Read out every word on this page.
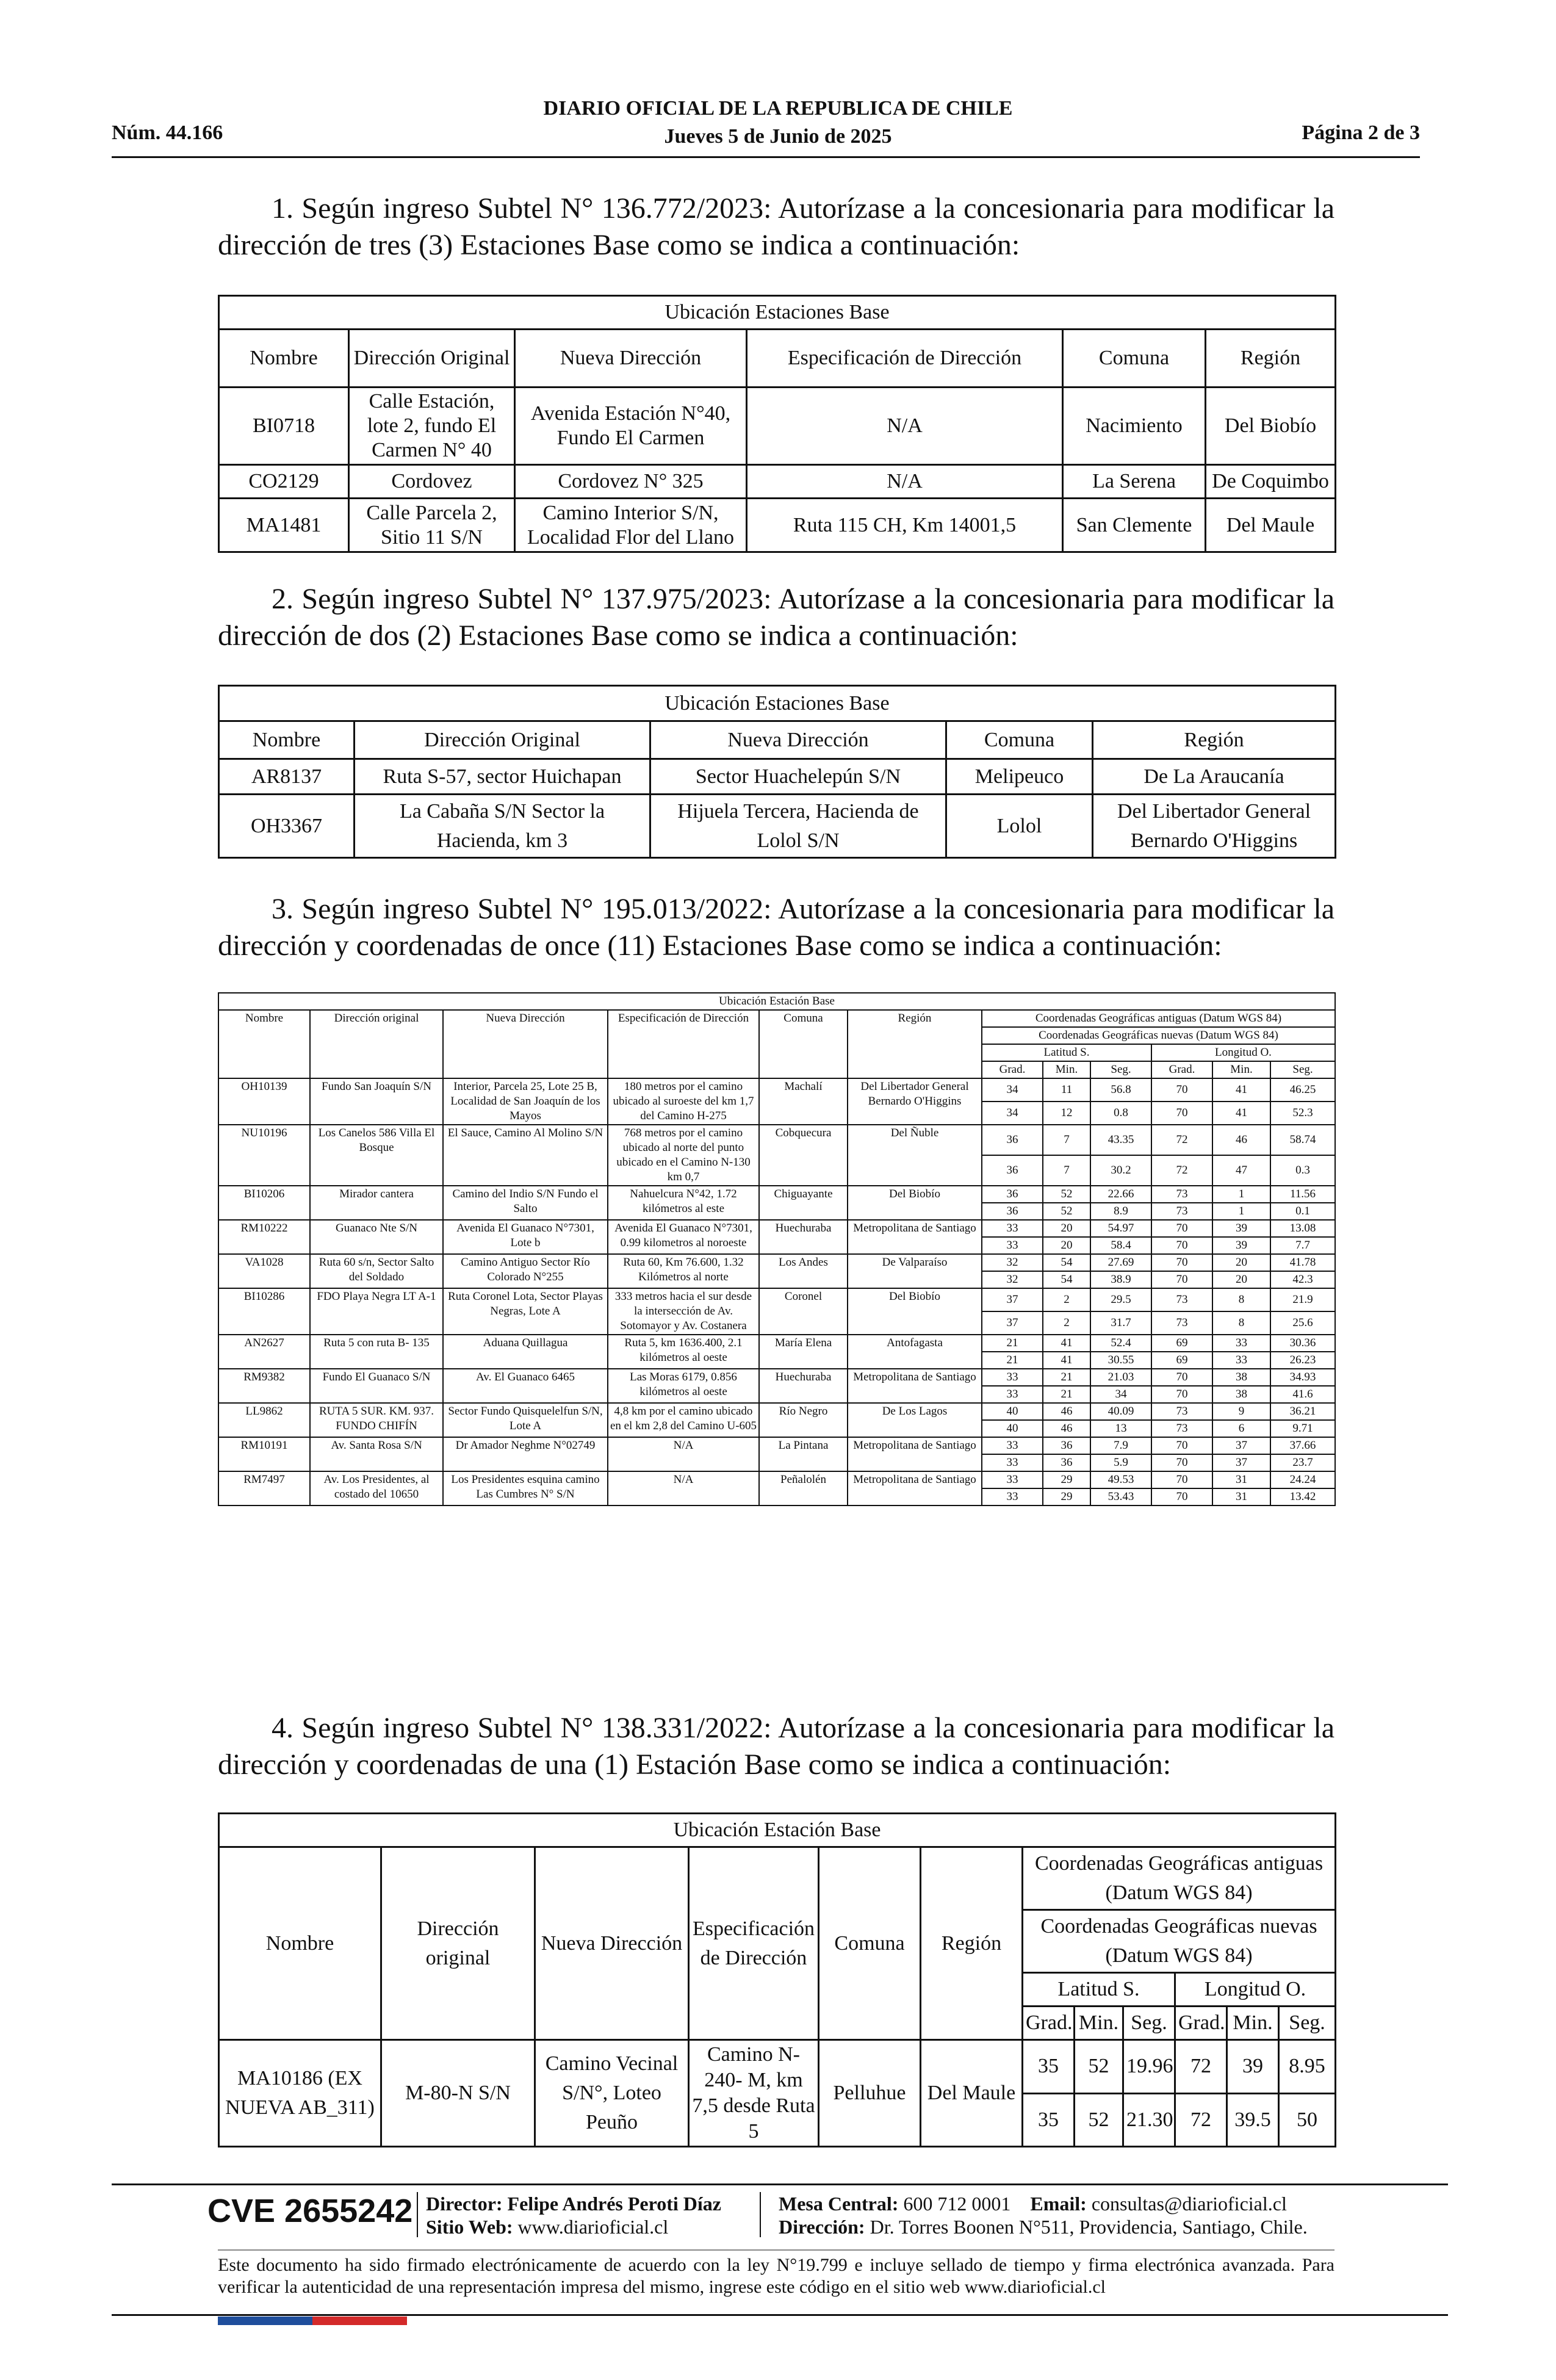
Núm. 44.166
DIARIO OFICIAL DE LA REPUBLICA DE CHILE
Jueves 5 de Junio de 2025	Página 2 de 3
1. Según ingreso Subtel N° 136.772/2023: Autorízase a la concesionaria para modificar la dirección de tres (3) Estaciones Base como se indica a continuación:
Ubicación Estaciones Base					
Nombre	Dirección Original	Nueva Dirección	Especificación de Dirección	Comuna	Región
BI0718	Calle Estación, lote 2, fundo El Carmen N° 40	Avenida Estación N°40, Fundo El Carmen	N/A	Nacimiento	Del Biobío
CO2129	Cordovez	Cordovez N° 325	N/A	La Serena	De Coquimbo
MA1481	Calle Parcela 2, Sitio 11 S/N	Camino Interior S/N, Localidad Flor del Llano	Ruta 115 CH, Km 14001,5	San Clemente	Del Maule
2. Según ingreso Subtel N° 137.975/2023: Autorízase a la concesionaria para modificar la dirección de dos (2) Estaciones Base como se indica a continuación:
Ubicación Estaciones Base				
Nombre	Dirección Original	Nueva Dirección	Comuna	Región
AR8137	Ruta S-57, sector Huichapan	Sector Huachelepún S/N	Melipeuco	De La Araucanía
OH3367	La Cabaña S/N Sector la Hacienda, km 3	Hijuela Tercera, Hacienda de Lolol S/N	Lolol	Del Libertador General Bernardo O'Higgins
3. Según ingreso Subtel N° 195.013/2022: Autorízase a la concesionaria para modificar la dirección y coordenadas de once (11) Estaciones Base como se indica a continuación:
Ubicación Estación Base											
Nombre	Dirección original	Nueva Dirección	Especificación de Dirección	Comuna	Región	Coordenadas Geográficas antiguas (Datum WGS 84)					
						Coordenadas Geográficas nuevas (Datum WGS 84)					
						Latitud S.			Longitud O.		
						Grad.	Min.	Seg.	Grad.	Min.	Seg.
OH10139	Fundo San Joaquín S/N	Interior, Parcela 25, Lote 25 B, Localidad de San Joaquín de los Mayos	180 metros por el camino ubicado al suroeste del km 1,7 del Camino H-275	Machalí	Del Libertador General Bernardo O'Higgins	34	11	56.8	70	41	46.25
						34	12	0.8	70	41	52.3
NU10196	Los Canelos 586 Villa El Bosque	El Sauce, Camino Al Molino S/N	768 metros por el camino ubicado al norte del punto ubicado en el Camino N-130 km 0,7	Cobquecura	Del Ñuble	36	7	43.35	72	46	58.74
						36	7	30.2	72	47	0.3
BI10206	Mirador cantera	Camino del Indio S/N Fundo el Salto	Nahuelcura N°42, 1.72 kilómetros al este	Chiguayante	Del Biobío	36	52	22.66	73	1	11.56
						36	52	8.9	73	1	0.1
RM10222	Guanaco Nte S/N	Avenida El Guanaco N°7301, Lote b	Avenida El Guanaco N°7301, 0.99 kilometros al noroeste	Huechuraba	Metropolitana de Santiago	33	20	54.97	70	39	13.08
						33	20	58.4	70	39	7.7
VA1028	Ruta 60 s/n, Sector Salto del Soldado	Camino Antiguo Sector Río Colorado N°255	Ruta 60, Km 76.600, 1.32 Kilómetros al norte	Los Andes	De Valparaíso	32	54	27.69	70	20	41.78
						32	54	38.9	70	20	42.3
BI10286	FDO Playa Negra LT A-1	Ruta Coronel Lota, Sector Playas Negras, Lote A	333 metros hacia el sur desde la intersección de Av. Sotomayor y Av. Costanera	Coronel	Del Biobío	37	2	29.5	73	8	21.9
						37	2	31.7	73	8	25.6
AN2627	Ruta 5 con ruta B- 135	Aduana Quillagua	Ruta 5, km 1636.400, 2.1 kilómetros al oeste	María Elena	Antofagasta	21	41	52.4	69	33	30.36
						21	41	30.55	69	33	26.23
RM9382	Fundo El Guanaco S/N	Av. El Guanaco 6465	Las Moras 6179, 0.856 kilómetros al oeste	Huechuraba	Metropolitana de Santiago	33	21	21.03	70	38	34.93
						33	21	34	70	38	41.6
LL9862	RUTA 5 SUR. KM. 937. FUNDO CHIFÍN	Sector Fundo Quisquelelfun S/N, Lote A	4,8 km por el camino ubicado en el km 2,8 del Camino U-605	Río Negro	De Los Lagos	40	46	40.09	73	9	36.21
						40	46	13	73	6	9.71
RM10191	Av. Santa Rosa S/N	Dr Amador Neghme N°02749	N/A	La Pintana	Metropolitana de Santiago	33	36	7.9	70	37	37.66
						33	36	5.9	70	37	23.7
RM7497	Av. Los Presidentes, al costado del 10650	Los Presidentes esquina camino Las Cumbres N° S/N	N/A	Peñalolén	Metropolitana de Santiago	33	29	49.53	70	31	24.24
						33	29	53.43	70	31	13.42
4. Según ingreso Subtel N° 138.331/2022: Autorízase a la concesionaria para modificar la dirección y coordenadas de una (1) Estación Base como se indica a continuación:
Ubicación Estación Base											
Nombre	Dirección original	Nueva Dirección	Especificación de Dirección	Comuna	Región	Coordenadas Geográficas antiguas (Datum WGS 84)					
						Coordenadas Geográficas nuevas (Datum WGS 84)					
						Latitud S.			Longitud O.		
						Grad.	Min.	Seg.	Grad.	Min.	Seg.
MA10186 (EX NUEVA AB_311)	M-80-N S/N	Camino Vecinal S/N°, Loteo Peuño	Camino N-240- M, km 7,5 desde Ruta 5	Pelluhue	Del Maule	35	52	19.96	72	39	8.95
						35	52	21.30	72	39.5	50
CVE 2655242 Director: Felipe Andrés Peroti Díaz
Sitio Web: www.diarioficial.cl
Mesa Central: 600 712 0001 Email: consultas@diarioficial.cl
Dirección: Dr. Torres Boonen N°511, Providencia, Santiago, Chile.
Este documento ha sido firmado electrónicamente de acuerdo con la ley N°19.799 e incluye sellado de tiempo y firma electrónica avanzada. Para verificar la autenticidad de una representación impresa del mismo, ingrese este código en el sitio web www.diarioficial.cl
